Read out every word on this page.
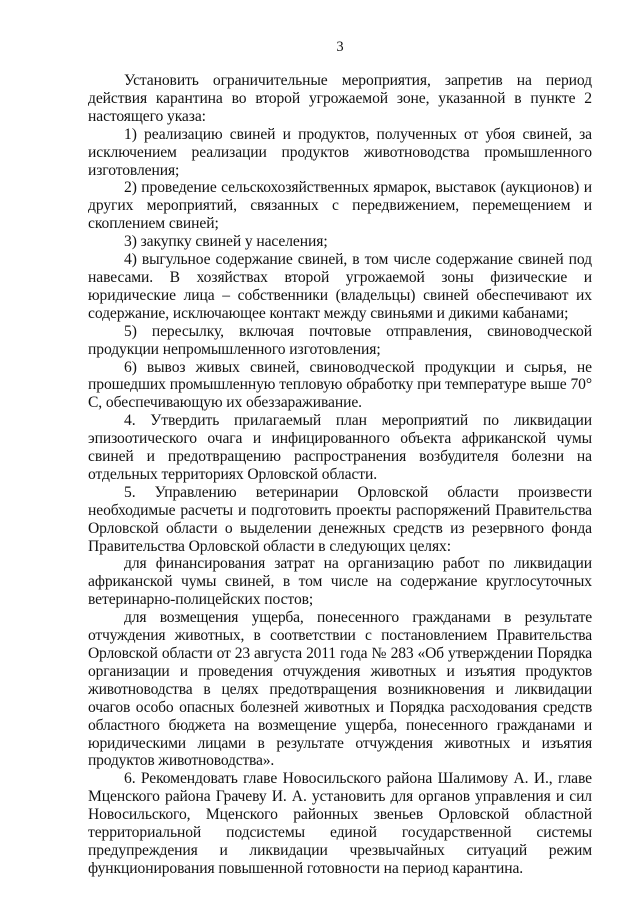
3

Установить ограничительные мероприятия, запретив на период действия карантина во второй угрожаемой зоне, указанной в пункте 2 настоящего указа:

1) реализацию свиней и продуктов, полученных от убоя свиней, за исключением реализации продуктов животноводства промышленного изготовления;

2) проведение сельскохозяйственных ярмарок, выставок (аукционов) и других мероприятий, связанных с передвижением, перемещением и скоплением свиней;

3) закупку свиней у населения;

4) выгульное содержание свиней, в том числе содержание свиней под навесами. В хозяйствах второй угрожаемой зоны физические и юридические лица – собственники (владельцы) свиней обеспечивают их содержание, исключающее контакт между свиньями и дикими кабанами;

5) пересылку, включая почтовые отправления, свиноводческой продукции непромышленного изготовления;

6) вывоз живых свиней, свиноводческой продукции и сырья, не прошедших промышленную тепловую обработку при температуре выше 70° С, обеспечивающую их обеззараживание.

4. Утвердить прилагаемый план мероприятий по ликвидации эпизоотического очага и инфицированного объекта африканской чумы свиней и предотвращению распространения возбудителя болезни на отдельных территориях Орловской области.

5. Управлению ветеринарии Орловской области произвести необходимые расчеты и подготовить проекты распоряжений Правительства Орловской области о выделении денежных средств из резервного фонда Правительства Орловской области в следующих целях:

для финансирования затрат на организацию работ по ликвидации африканской чумы свиней, в том числе на содержание круглосуточных ветеринарно-полицейских постов;

для возмещения ущерба, понесенного гражданами в результате отчуждения животных, в соответствии с постановлением Правительства Орловской области от 23 августа 2011 года № 283 «Об утверждении Порядка организации и проведения отчуждения животных и изъятия продуктов животноводства в целях предотвращения возникновения и ликвидации очагов особо опасных болезней животных и Порядка расходования средств областного бюджета на возмещение ущерба, понесенного гражданами и юридическими лицами в результате отчуждения животных и изъятия продуктов животноводства».

6. Рекомендовать главе Новосильского района Шалимову А. И., главе Мценского района Грачеву И. А. установить для органов управления и сил Новосильского, Мценского районных звеньев Орловской областной территориальной подсистемы единой государственной системы предупреждения и ликвидации чрезвычайных ситуаций режим функционирования повышенной готовности на период карантина.
